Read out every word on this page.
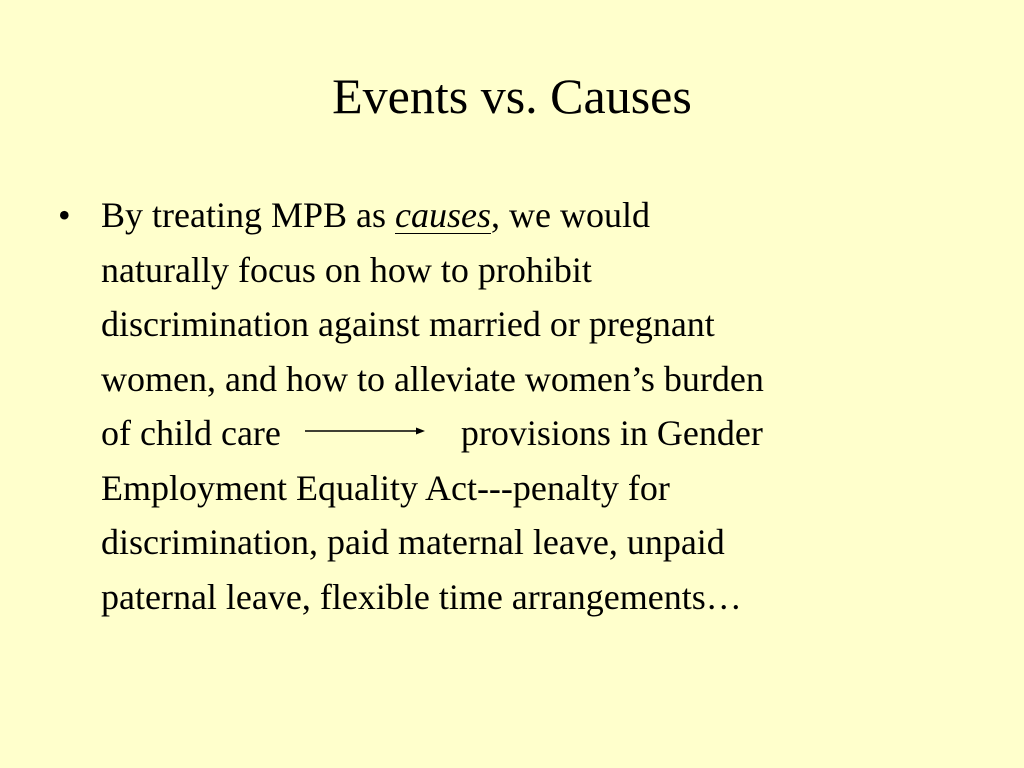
Events vs. Causes
• By treating MPB as causes, we would
naturally focus on how to prohibit
discrimination against married or pregnant
women, and how to alleviate women’s burden
of child care	provisions in Gender
Employment Equality Act---penalty for
discrimination, paid maternal leave, unpaid
paternal leave, flexible time arrangements…
